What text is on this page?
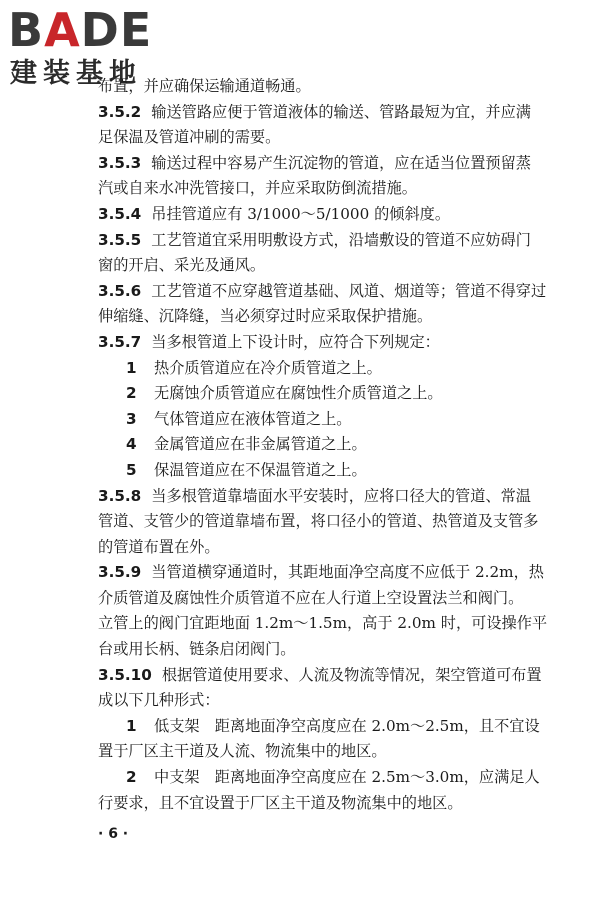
BADE
建装基地
布置，并应确保运输通道畅通。
3.5.2 输送管路应便于管道液体的输送、管路最短为宜，并应满
足保温及管道冲刷的需要。
3.5.3 输送过程中容易产生沉淀物的管道，应在适当位置预留蒸
汽或自来水冲洗管接口，并应采取防倒流措施。
3.5.4 吊挂管道应有 3/1000～5/1000 的倾斜度。
3.5.5 工艺管道宜采用明敷设方式，沿墙敷设的管道不应妨碍门
窗的开启、采光及通风。
3.5.6 工艺管道不应穿越管道基础、风道、烟道等；管道不得穿过
伸缩缝、沉降缝，当必须穿过时应采取保护措施。
3.5.7 当多根管道上下设计时，应符合下列规定：
1 热介质管道应在冷介质管道之上。
2 无腐蚀介质管道应在腐蚀性介质管道之上。
3 气体管道应在液体管道之上。
4 金属管道应在非金属管道之上。
5 保温管道应在不保温管道之上。
3.5.8 当多根管道靠墙面水平安装时，应将口径大的管道、常温
管道、支管少的管道靠墙布置，将口径小的管道、热管道及支管多
的管道布置在外。
3.5.9 当管道横穿通道时，其距地面净空高度不应低于 2.2m，热
介质管道及腐蚀性介质管道不应在人行道上空设置法兰和阀门。
立管上的阀门宜距地面 1.2m～1.5m，高于 2.0m 时，可设操作平
台或用长柄、链条启闭阀门。
3.5.10 根据管道使用要求、人流及物流等情况，架空管道可布置
成以下几种形式：
1 低支架　距离地面净空高度应在 2.0m～2.5m，且不宜设
置于厂区主干道及人流、物流集中的地区。
2 中支架　距离地面净空高度应在 2.5m～3.0m，应满足人
行要求，且不宜设置于厂区主干道及物流集中的地区。
· 6 ·
